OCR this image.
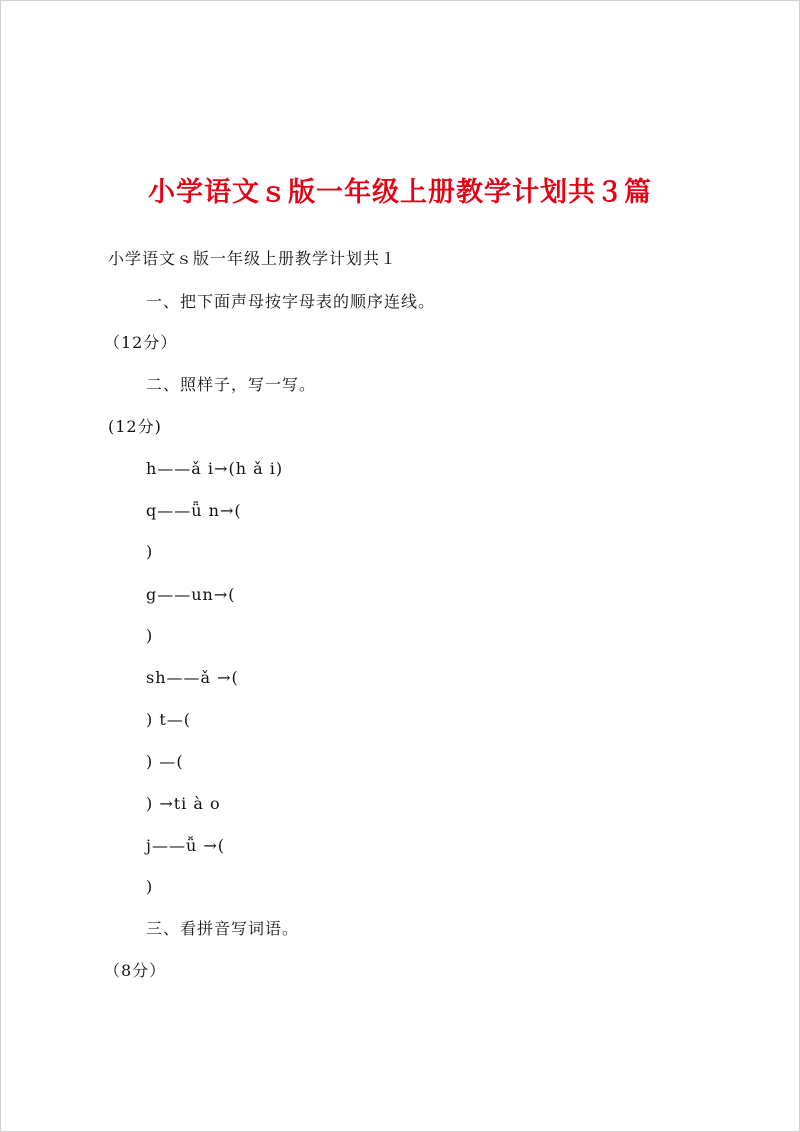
小学语文ｓ版一年级上册教学计划共３篇
小学语文ｓ版一年级上册教学计划共１
一、把下面声母按字母表的顺序连线。
（12分）
二、照样子，写一写。
(12分)
h——ǎ i→(h ǎ i)
q——ǖ n→(
)
g——un→(
)
sh——ǎ →(
) t—(
) —(
) →ti à o
j——ǚ →(
)
三、看拼音写词语。
（8分）
